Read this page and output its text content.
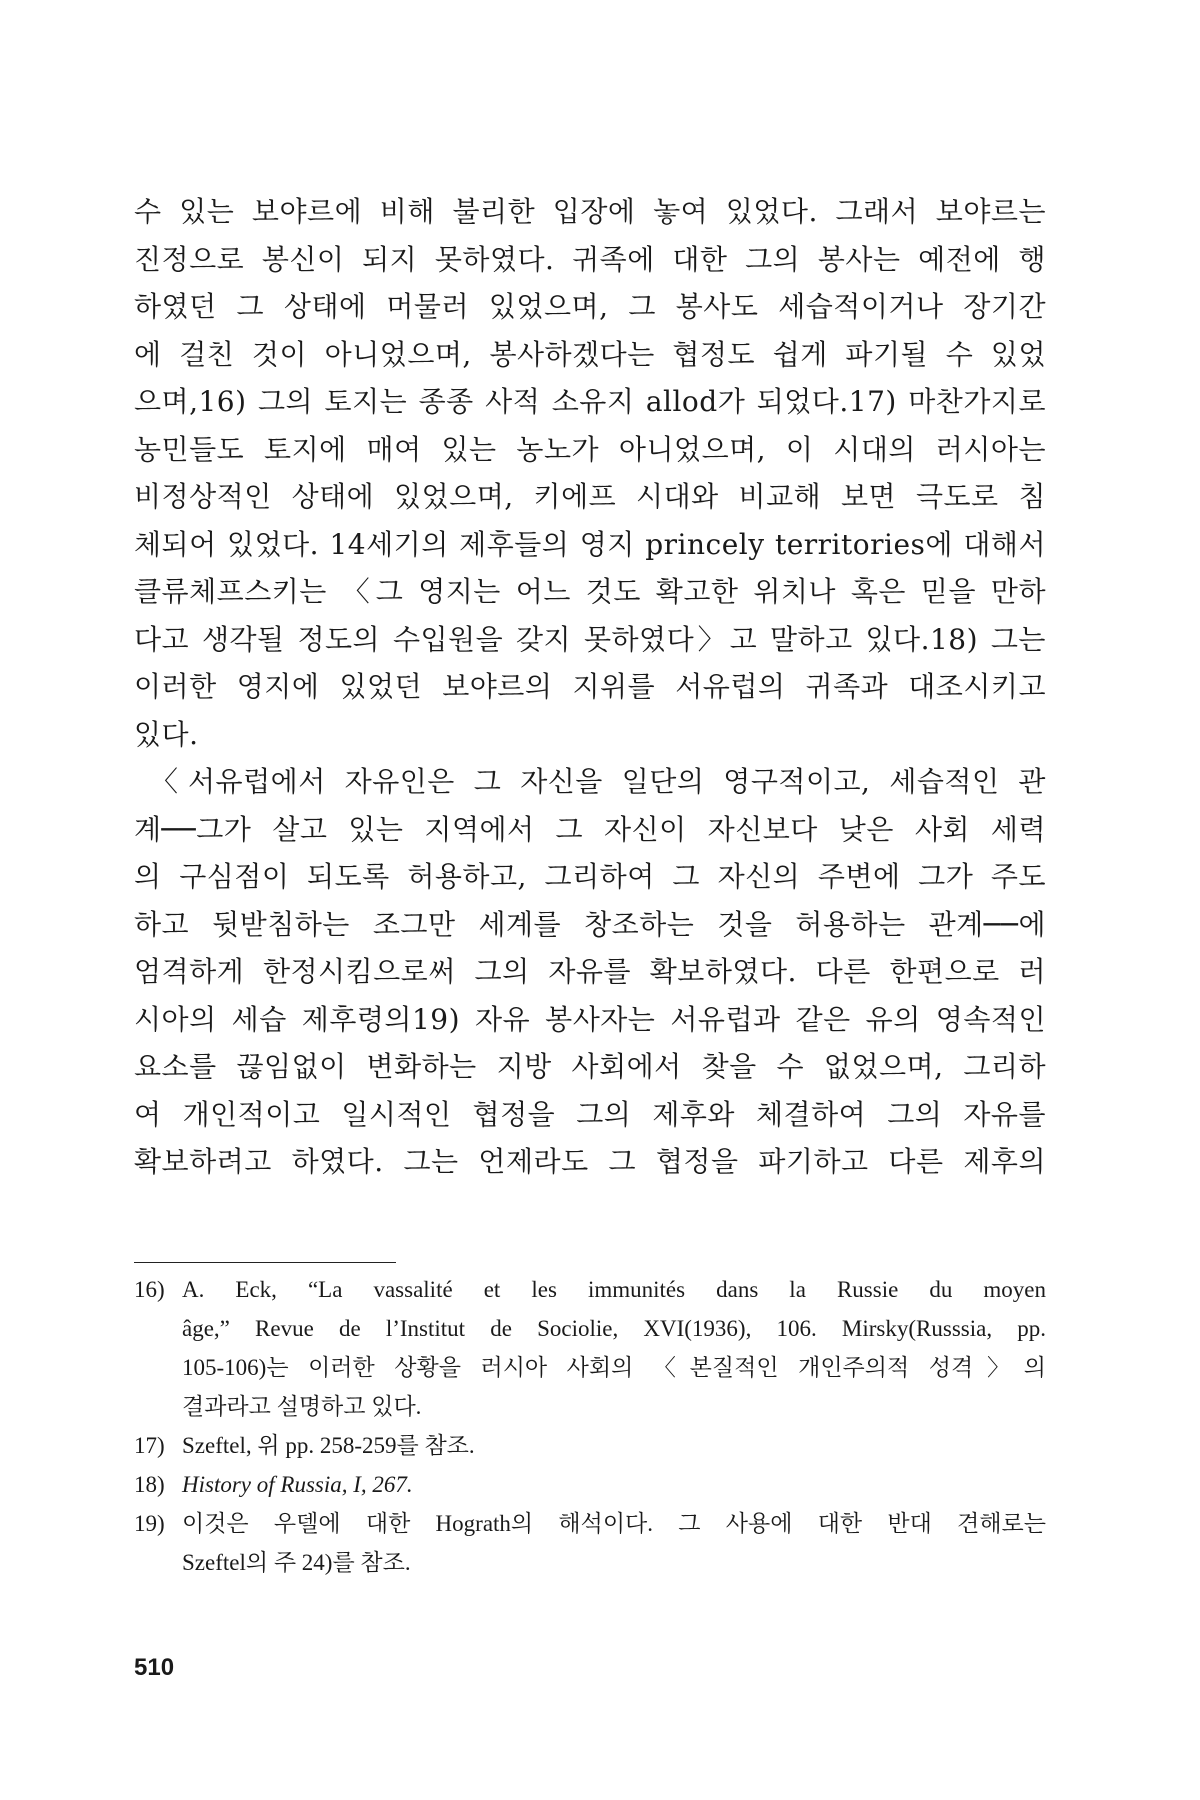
수 있는 보야르에 비해 불리한 입장에 놓여 있었다. 그래서 보야르는
진정으로 봉신이 되지 못하였다. 귀족에 대한 그의 봉사는 예전에 행
하였던 그 상태에 머물러 있었으며, 그 봉사도 세습적이거나 장기간
에 걸친 것이 아니었으며, 봉사하겠다는 협정도 쉽게 파기될 수 있었
으며,16) 그의 토지는 종종 사적 소유지 allod가 되었다.17) 마찬가지로
농민들도 토지에 매여 있는 농노가 아니었으며, 이 시대의 러시아는
비정상적인 상태에 있었으며, 키에프 시대와 비교해 보면 극도로 침
체되어 있었다. 14세기의 제후들의 영지 princely territories에 대해서
클류체프스키는 〈그 영지는 어느 것도 확고한 위치나 혹은 믿을 만하
다고 생각될 정도의 수입원을 갖지 못하였다〉고 말하고 있다.18) 그는
이러한 영지에 있었던 보야르의 지위를 서유럽의 귀족과 대조시키고
있다.
〈서유럽에서 자유인은 그 자신을 일단의 영구적이고, 세습적인 관
계──그가 살고 있는 지역에서 그 자신이 자신보다 낮은 사회 세력
의 구심점이 되도록 허용하고, 그리하여 그 자신의 주변에 그가 주도
하고 뒷받침하는 조그만 세계를 창조하는 것을 허용하는 관계──에
엄격하게 한정시킴으로써 그의 자유를 확보하였다. 다른 한편으로 러
시아의 세습 제후령의19) 자유 봉사자는 서유럽과 같은 유의 영속적인
요소를 끊임없이 변화하는 지방 사회에서 찾을 수 없었으며, 그리하
여 개인적이고 일시적인 협정을 그의 제후와 체결하여 그의 자유를
확보하려고 하였다. 그는 언제라도 그 협정을 파기하고 다른 제후의
16) A. Eck, “La vassalité et les immunités dans la Russie du moyen
âge,” Revue de l’Institut de Sociolie, XVI(1936), 106. Mirsky(Russsia, pp.
105-106)는 이러한 상황을 러시아 사회의 〈본질적인 개인주의적 성격〉의
결과라고 설명하고 있다.
17) Szeftel, 위 pp. 258-259를 참조.
18) History of Russia, I, 267.
19) 이것은 우델에 대한 Hograth의 해석이다. 그 사용에 대한 반대 견해로는
Szeftel의 주 24)를 참조.
510
